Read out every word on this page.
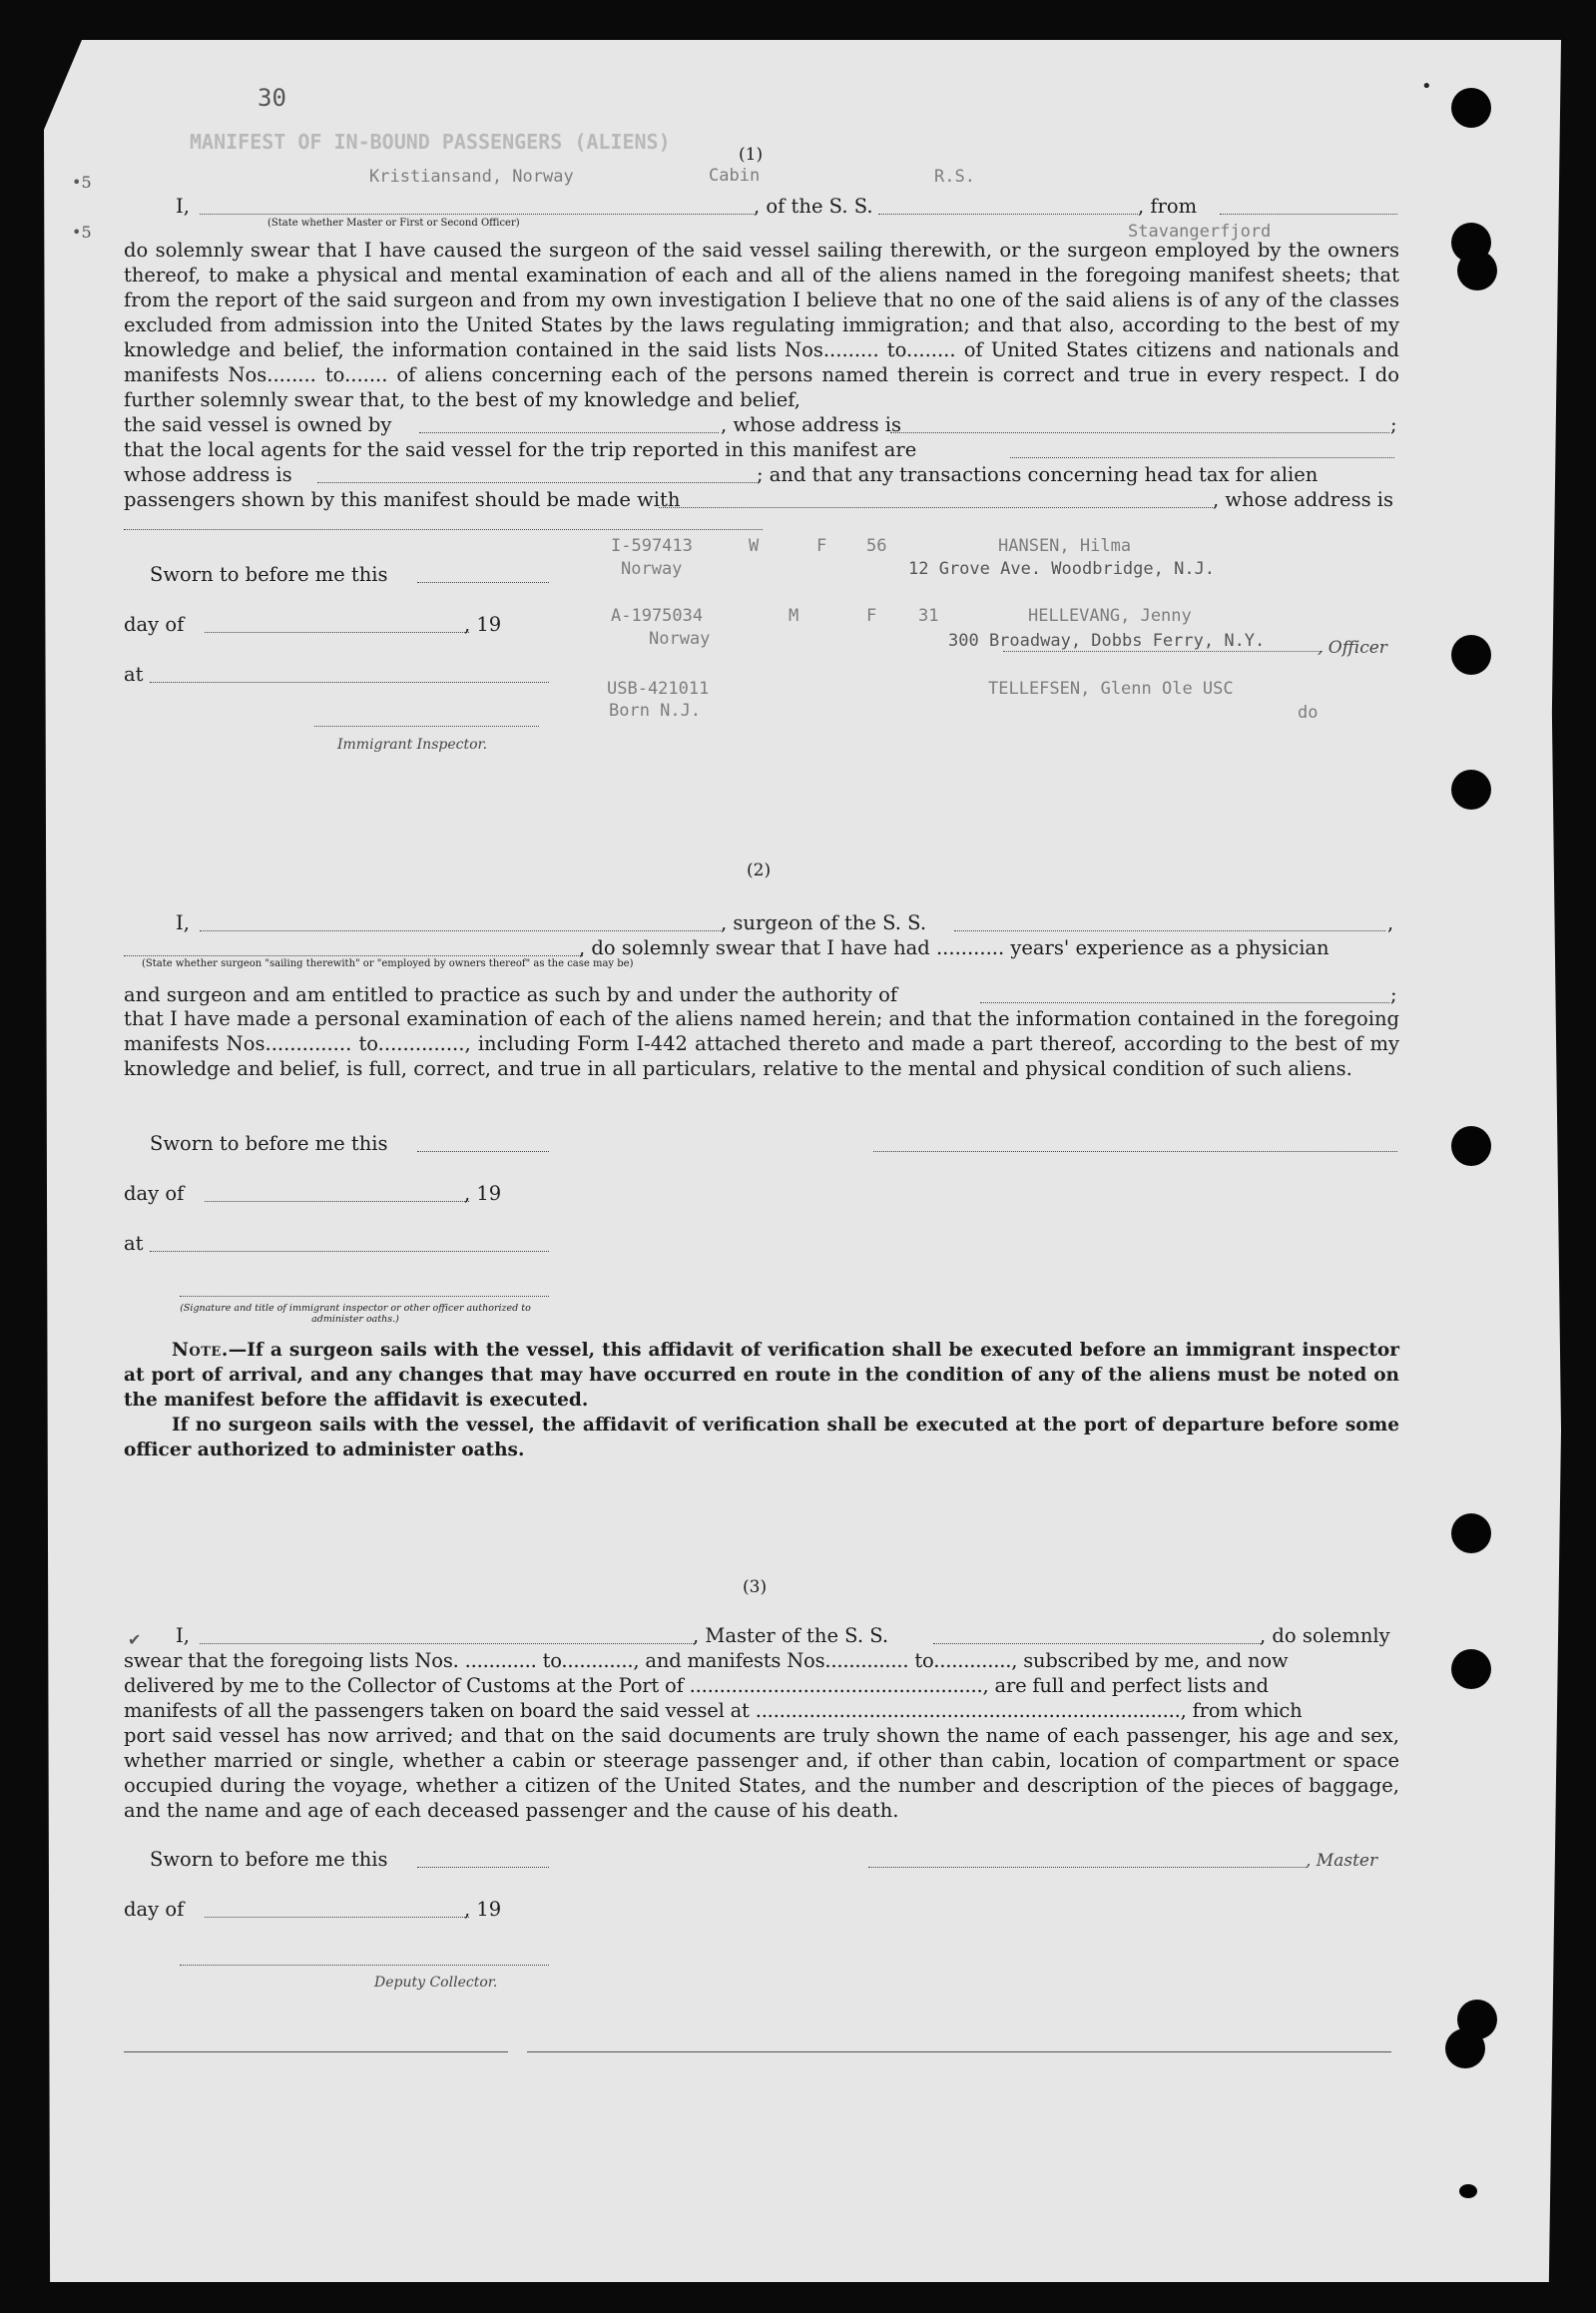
30
•5
•5
•
MANIFEST OF IN-BOUND PASSENGERS (ALIENS)
Cabin
Kristiansand, Norway	R.S.
(1)
I,	, of the S. S.	, from
(State whether Master or First or Second Officer)	Stavangerfjord
do solemnly swear that I have caused the surgeon of the said vessel sailing therewith, or the surgeon employed by the owners thereof, to make a physical and mental examination of each and all of the aliens named in the foregoing manifest sheets; that from the report of the said surgeon and from my own investigation I believe that no one of the said aliens is of any of the classes excluded from admission into the United States by the laws regulating immigration; and that also, according to the best of my knowledge and belief, the information contained in the said lists Nos......... to........ of United States citizens and nationals and manifests Nos........ to....... of aliens concerning each of the persons named therein is correct and true in every respect. I do further solemnly swear that, to the best of my knowledge and belief,
the said vessel is owned by	, whose address is	;
that the local agents for the said vessel for the trip reported in this manifest are
whose address is	; and that any transactions concerning head tax for alien
passengers shown by this manifest should be made with	, whose address is
I-597413	W	F 56	HANSEN, Hilma
Norway	12 Grove Ave. Woodbridge, N.J.
A-1975034	M	F 31	HELLEVANG, Jenny
Norway	300 Broadway, Dobbs Ferry, N.Y.
USB-421011	TELLEFSEN, Glenn Ole USC
Born N.J.	do
Sworn to before me this
day of	, 19
at
, Officer
Immigrant Inspector.
(2)
I,	, surgeon of the S. S.	,
, do solemnly swear that I have had ........... years' experience as a physician
(State whether surgeon "sailing therewith" or "employed by owners thereof" as the case may be)
and surgeon and am entitled to practice as such by and under the authority of	;
that I have made a personal examination of each of the aliens named herein; and that the information contained in the foregoing manifests Nos.............. to.............., including Form I-442 attached thereto and made a part thereof, according to the best of my knowledge and belief, is full, correct, and true in all particulars, relative to the mental and physical condition of such aliens.
Sworn to before me this
day of	, 19
at
(Signature and title of immigrant inspector or other officer authorized to administer oaths.)
Note.—If a surgeon sails with the vessel, this affidavit of verification shall be executed before an immigrant inspector at port of arrival, and any changes that may have occurred en route in the condition of any of the aliens must be noted on the manifest before the affidavit is executed.
If no surgeon sails with the vessel, the affidavit of verification shall be executed at the port of departure before some officer authorized to administer oaths.
(3)
✔ I,	, Master of the S. S.	, do solemnly
swear that the foregoing lists Nos. ............ to............, and manifests Nos.............. to............., subscribed by me, and now
delivered by me to the Collector of Customs at the Port of ................................................., are full and perfect lists and
manifests of all the passengers taken on board the said vessel at ......................................................................., from which
port said vessel has now arrived; and that on the said documents are truly shown the name of each passenger, his age and sex, whether married or single, whether a cabin or steerage passenger and, if other than cabin, location of compartment or space occupied during the voyage, whether a citizen of the United States, and the number and description of the pieces of baggage, and the name and age of each deceased passenger and the cause of his death.
Sworn to before me this	, Master
day of	, 19
Deputy Collector.
